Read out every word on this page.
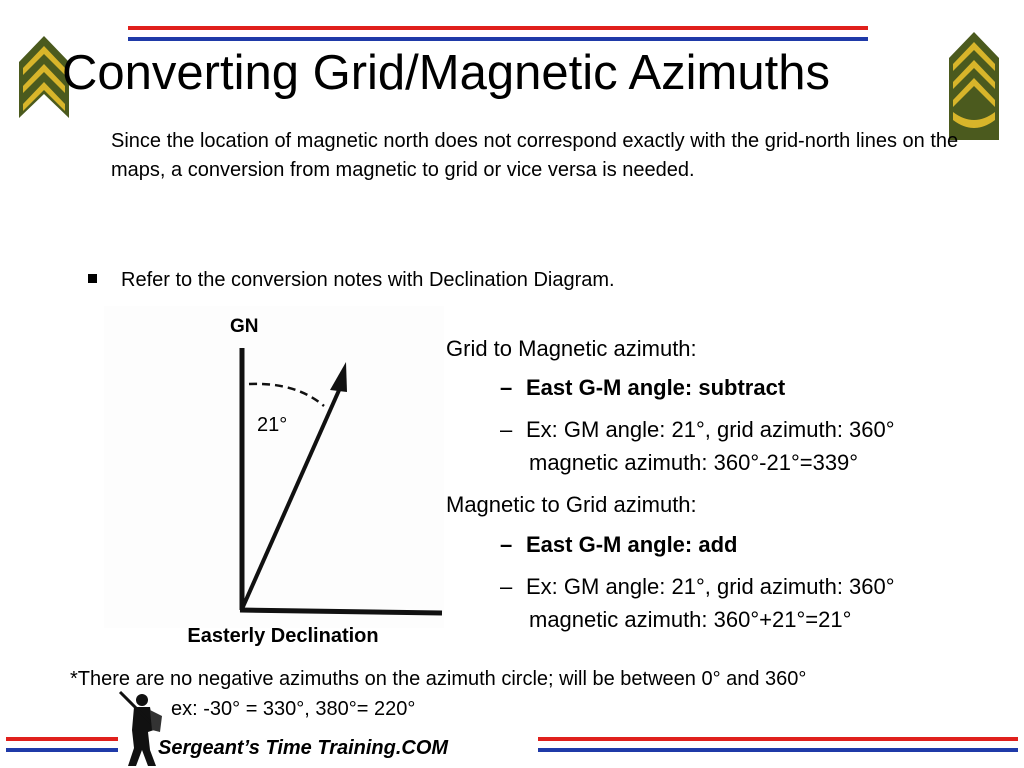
Converting Grid/Magnetic Azimuths
Since the location of magnetic north does not correspond exactly with the grid-north lines on the maps, a conversion from magnetic to grid or vice versa is needed.
Refer to the conversion notes with Declination Diagram.
GN
21°
Easterly Declination
Grid to Magnetic azimuth:
– East G-M angle: subtract
– Ex: GM angle: 21°, grid azimuth: 360°
magnetic azimuth: 360°-21°=339°
Magnetic to Grid azimuth:
– East G-M angle: add
– Ex: GM angle: 21°, grid azimuth: 360°
magnetic azimuth: 360°+21°=21°
*There are no negative azimuths on the azimuth circle; will be between 0° and 360°
ex: -30° = 330°, 380°= 220°
Sergeant’s Time Training.COM
